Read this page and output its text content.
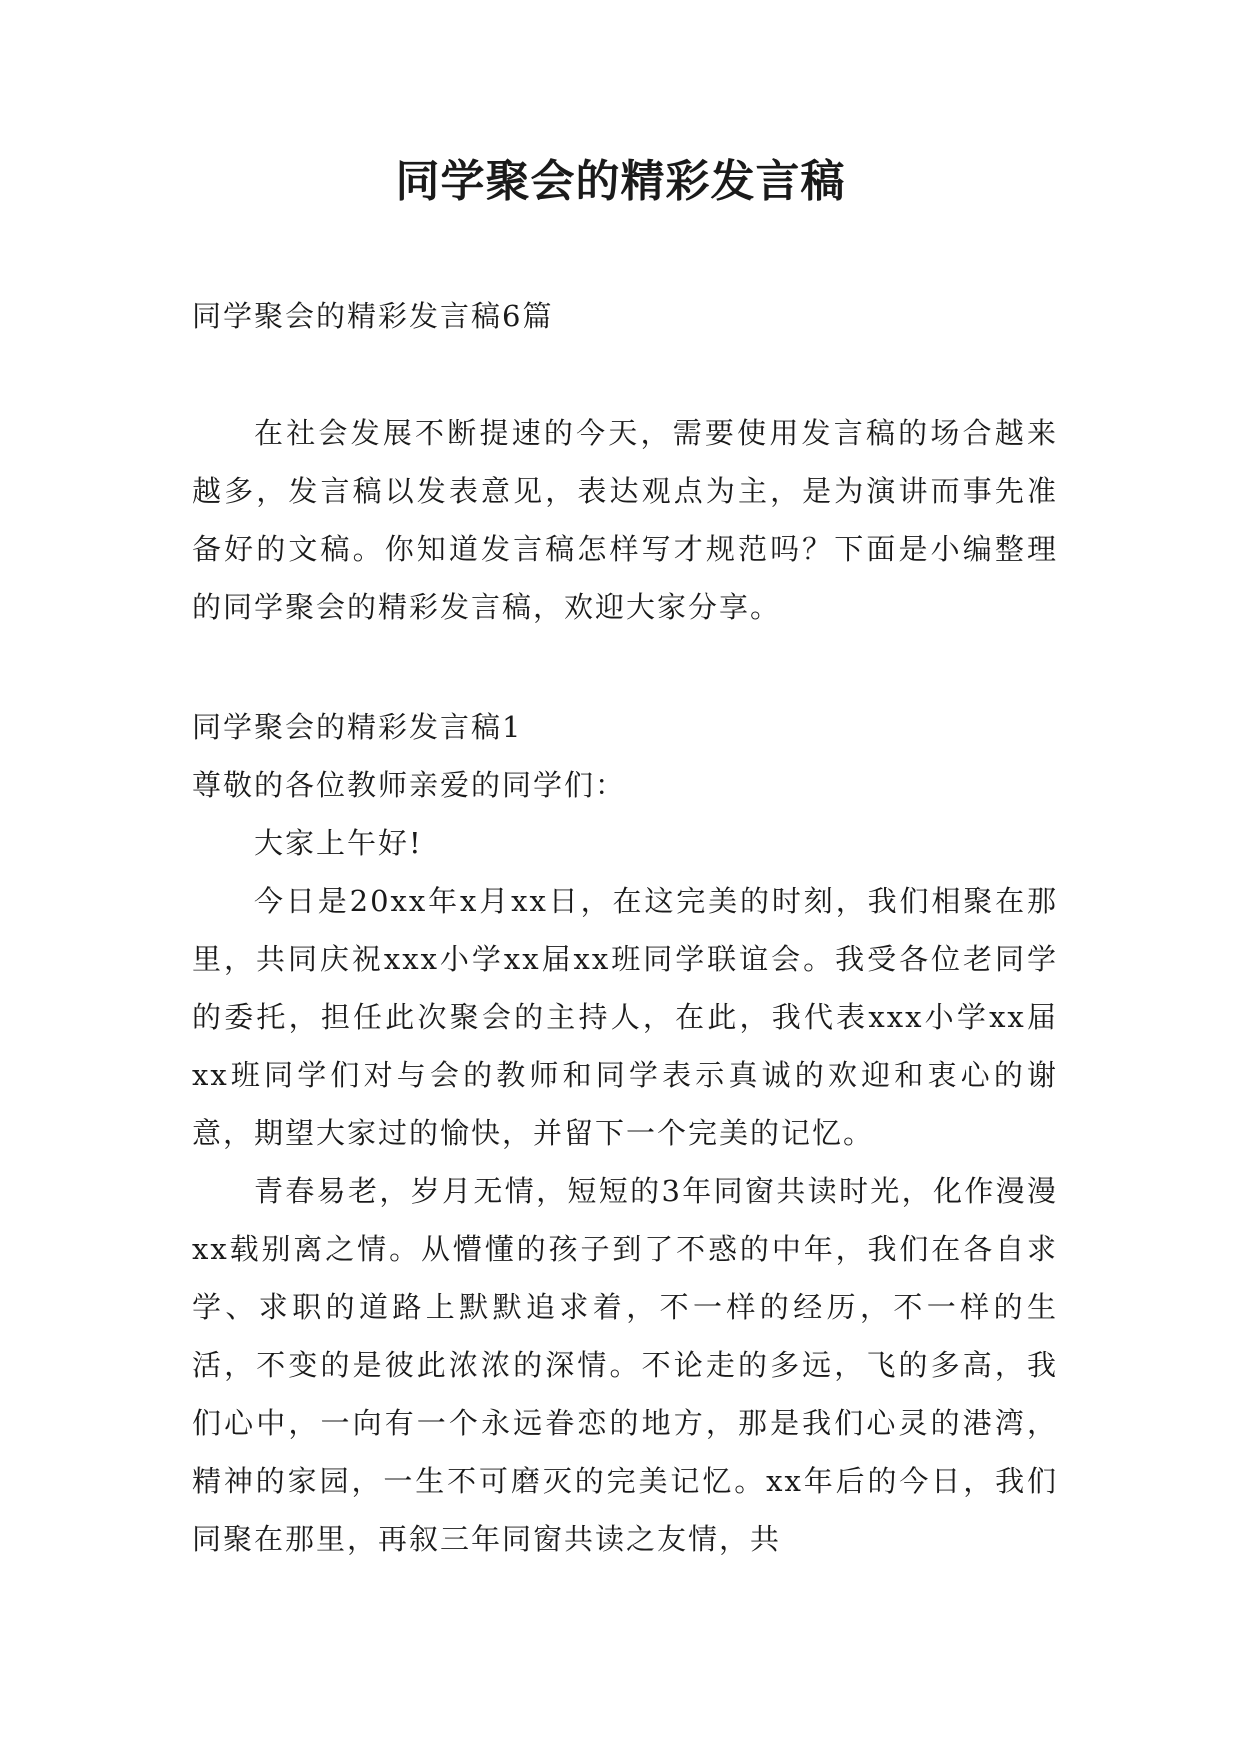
同学聚会的精彩发言稿

同学聚会的精彩发言稿6篇

在社会发展不断提速的今天，需要使用发言稿的场合越来越多，发言稿以发表意见，表达观点为主，是为演讲而事先准备好的文稿。你知道发言稿怎样写才规范吗？下面是小编整理的同学聚会的精彩发言稿，欢迎大家分享。

同学聚会的精彩发言稿1

尊敬的各位教师亲爱的同学们：

大家上午好!

今日是20xx年x月xx日，在这完美的时刻，我们相聚在那里，共同庆祝xxx小学xx届xx班同学联谊会。我受各位老同学的委托，担任此次聚会的主持人，在此，我代表xxx小学xx届xx班同学们对与会的教师和同学表示真诚的欢迎和衷心的谢意，期望大家过的愉快，并留下一个完美的记忆。

青春易老，岁月无情，短短的3年同窗共读时光，化作漫漫xx载别离之情。从懵懂的孩子到了不惑的中年，我们在各自求学、求职的道路上默默追求着，不一样的经历，不一样的生活，不变的是彼此浓浓的深情。不论走的多远，飞的多高，我们心中，一向有一个永远眷恋的地方，那是我们心灵的港湾，精神的家园，一生不可磨灭的完美记忆。xx年后的今日，我们同聚在那里，再叙三年同窗共读之友情，共
